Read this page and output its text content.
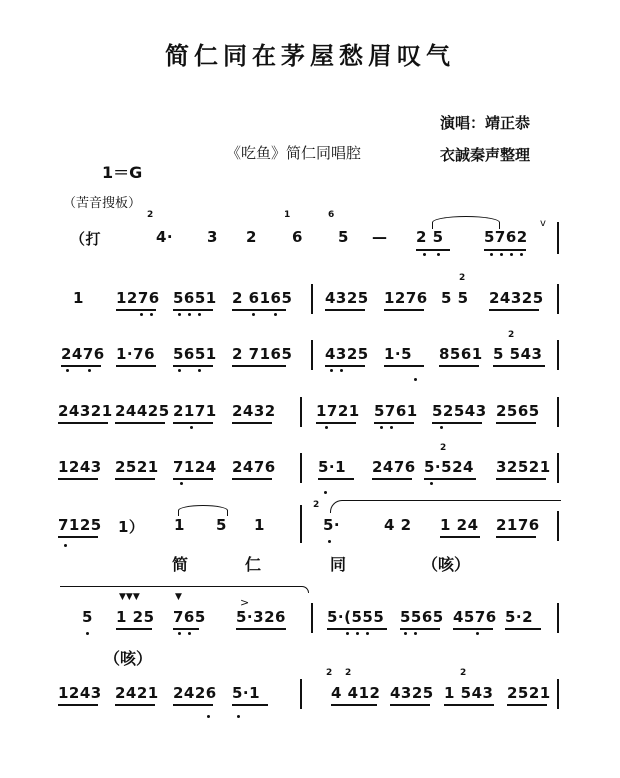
简仁同在茅屋愁眉叹气
演唱：靖正恭
《吃鱼》简仁同唱腔	衣誠秦声整理
1＝G
（苦音搜板）
（打
2
4· 3 2
1
6
6
5 — 2 5	5762
v
1 1276 5651 2 6165 4325 1276
2
5 5 24325
2476 1·76 5651 2 7165 4325 1·5 8561
2
5 543
24321 24425 2171 2432	1721 5761 52543 2565
1243 2521 7124 2476	5·1 2476
2
5·524 32521
7125 1） 1 5 1
2
5·	4 2 1 24 2176
简	仁	同	（咳）
5 1 25
▼▼▼
765
▼	>
5·326	5·(555 5565 4576 5·2
（咳）
1243 2421 2426 5·1
2 2
4 412 4325
2
1 543 2521
